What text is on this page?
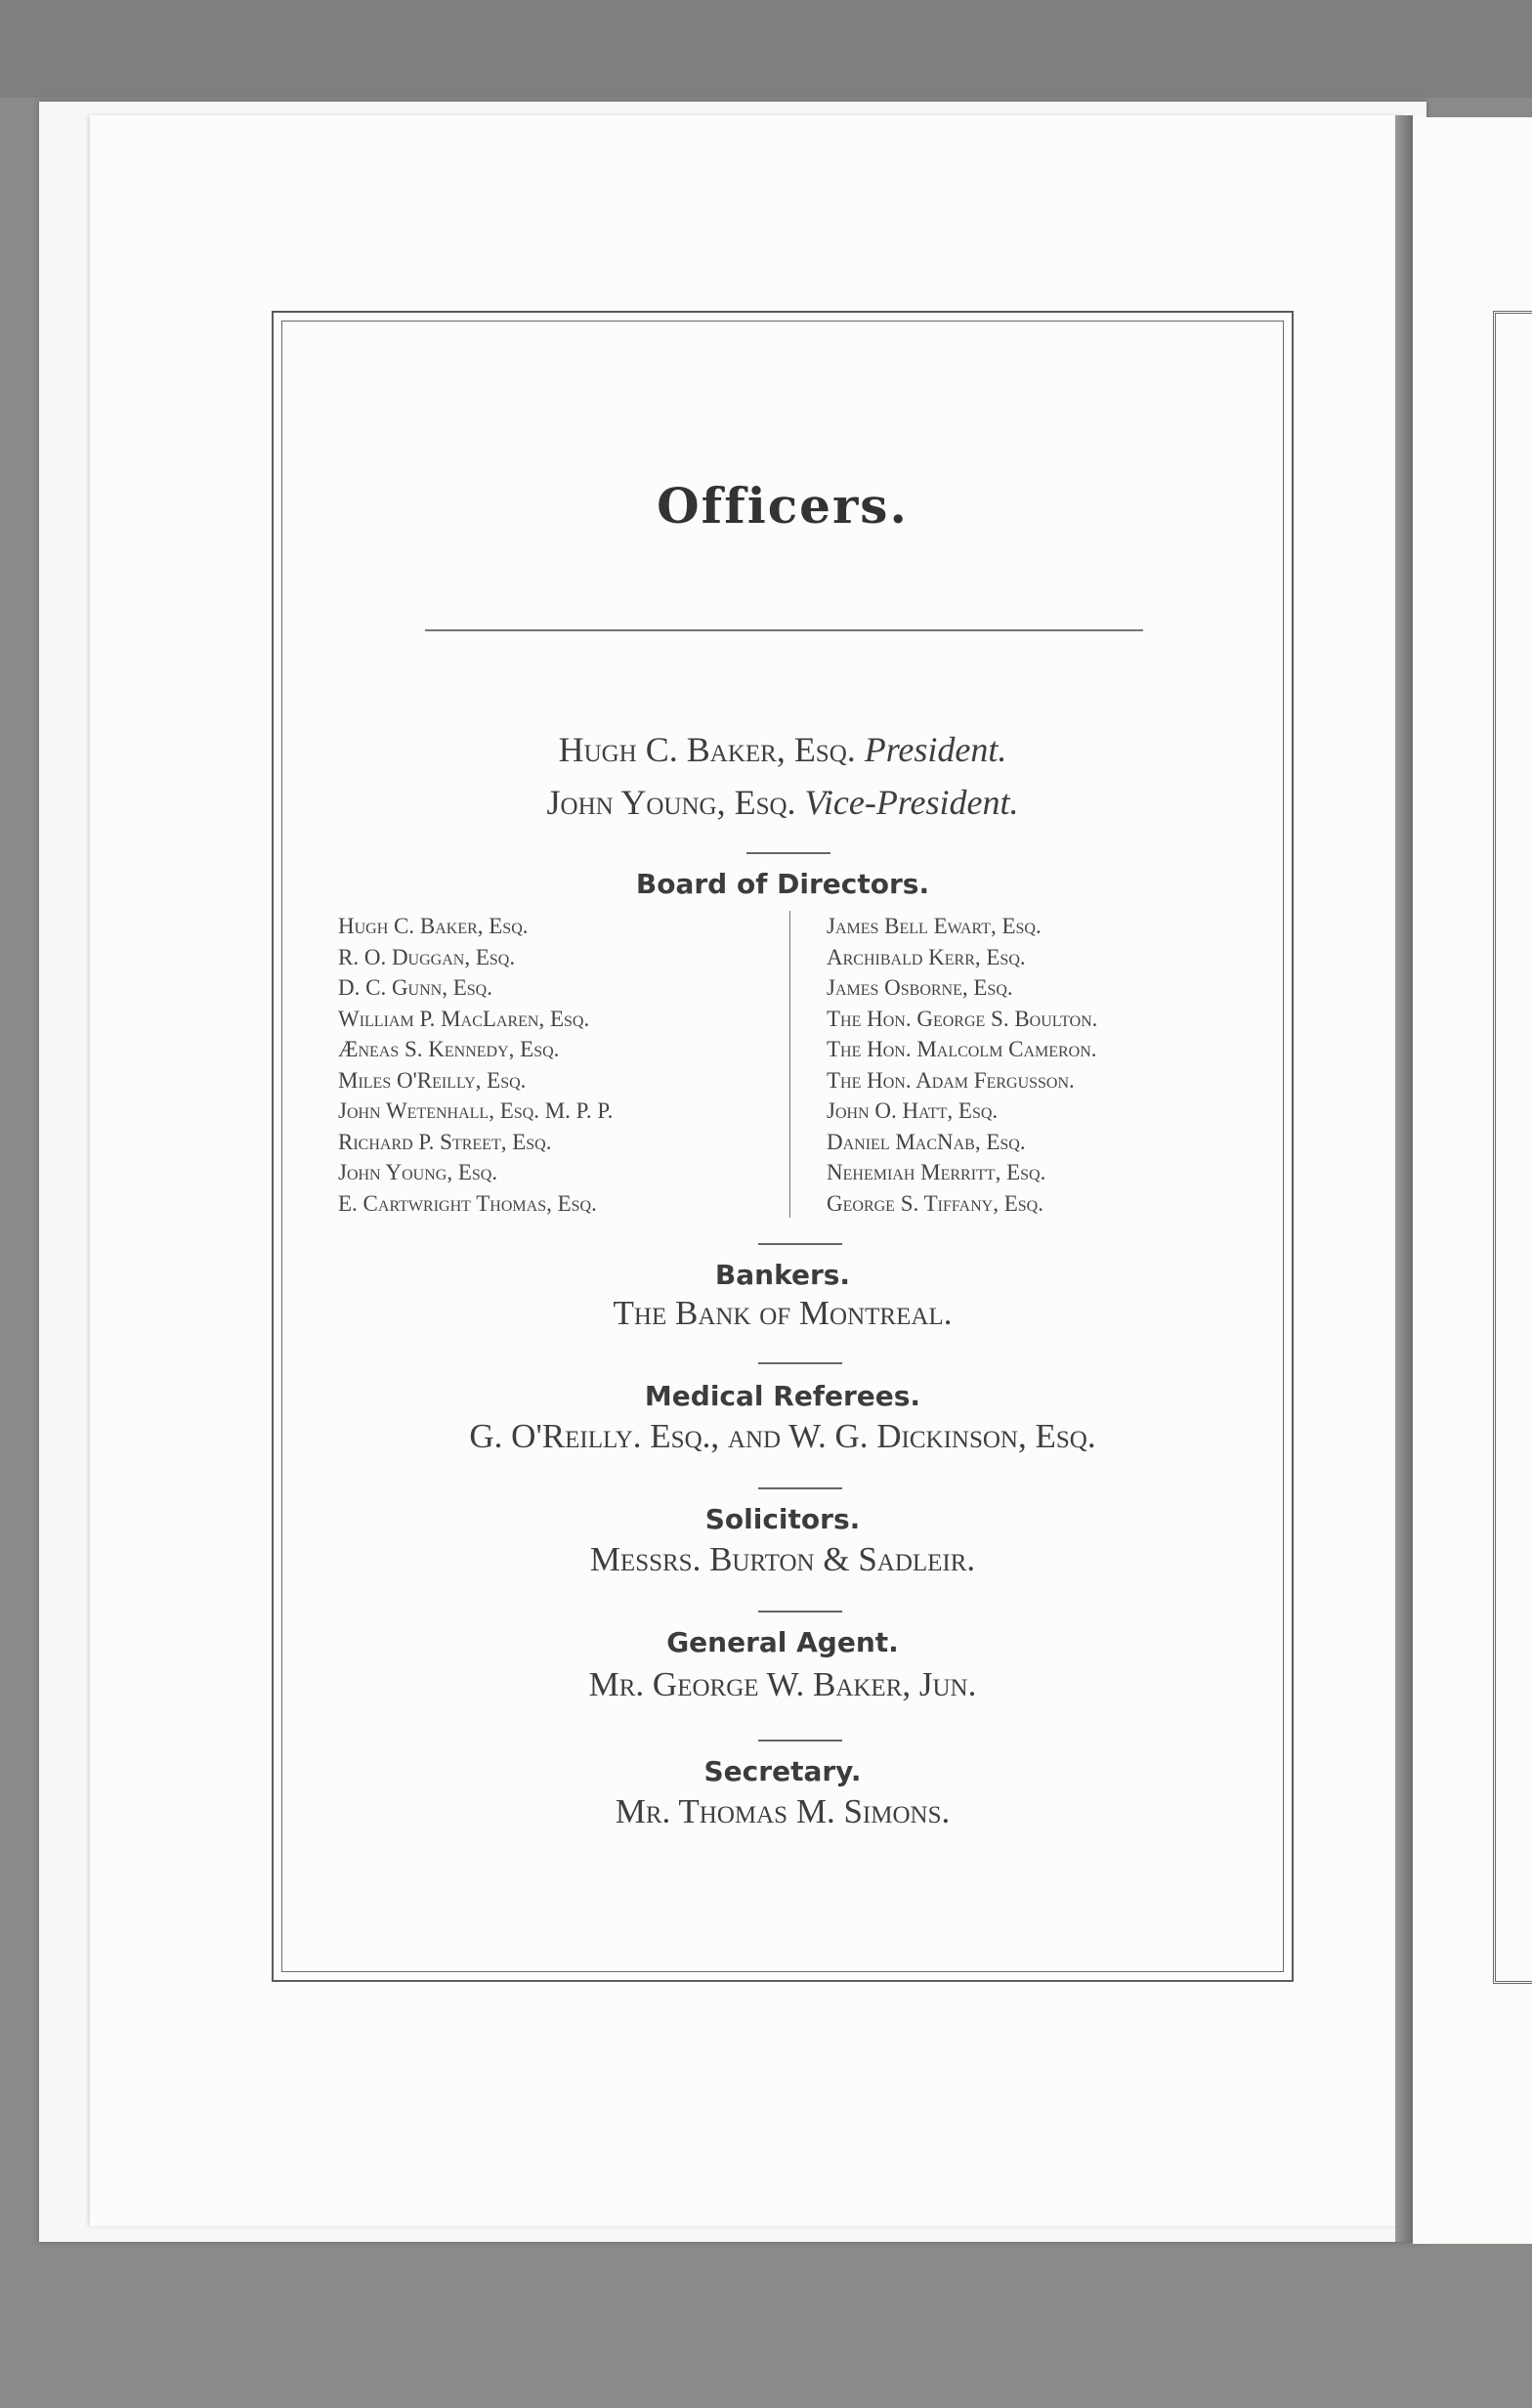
Officers.
Hugh C. Baker, Esq. President.
John Young, Esq. Vice-President.
Board of Directors.
Hugh C. Baker, Esq.
R. O. Duggan, Esq.
D. C. Gunn, Esq.
William P. MacLaren, Esq.
Æneas S. Kennedy, Esq.
Miles O'Reilly, Esq.
John Wetenhall, Esq. M. P. P.
Richard P. Street, Esq.
John Young, Esq.
E. Cartwright Thomas, Esq.
James Bell Ewart, Esq.
Archibald Kerr, Esq.
James Osborne, Esq.
The Hon. George S. Boulton.
The Hon. Malcolm Cameron.
The Hon. Adam Fergusson.
John O. Hatt, Esq.
Daniel MacNab, Esq.
Nehemiah Merritt, Esq.
George S. Tiffany, Esq.
Bankers.
The Bank of Montreal.
Medical Referees.
G. O'Reilly. Esq., and W. G. Dickinson, Esq.
Solicitors.
Messrs. Burton & Sadleir.
General Agent.
Mr. George W. Baker, Jun.
Secretary.
Mr. Thomas M. Simons.
